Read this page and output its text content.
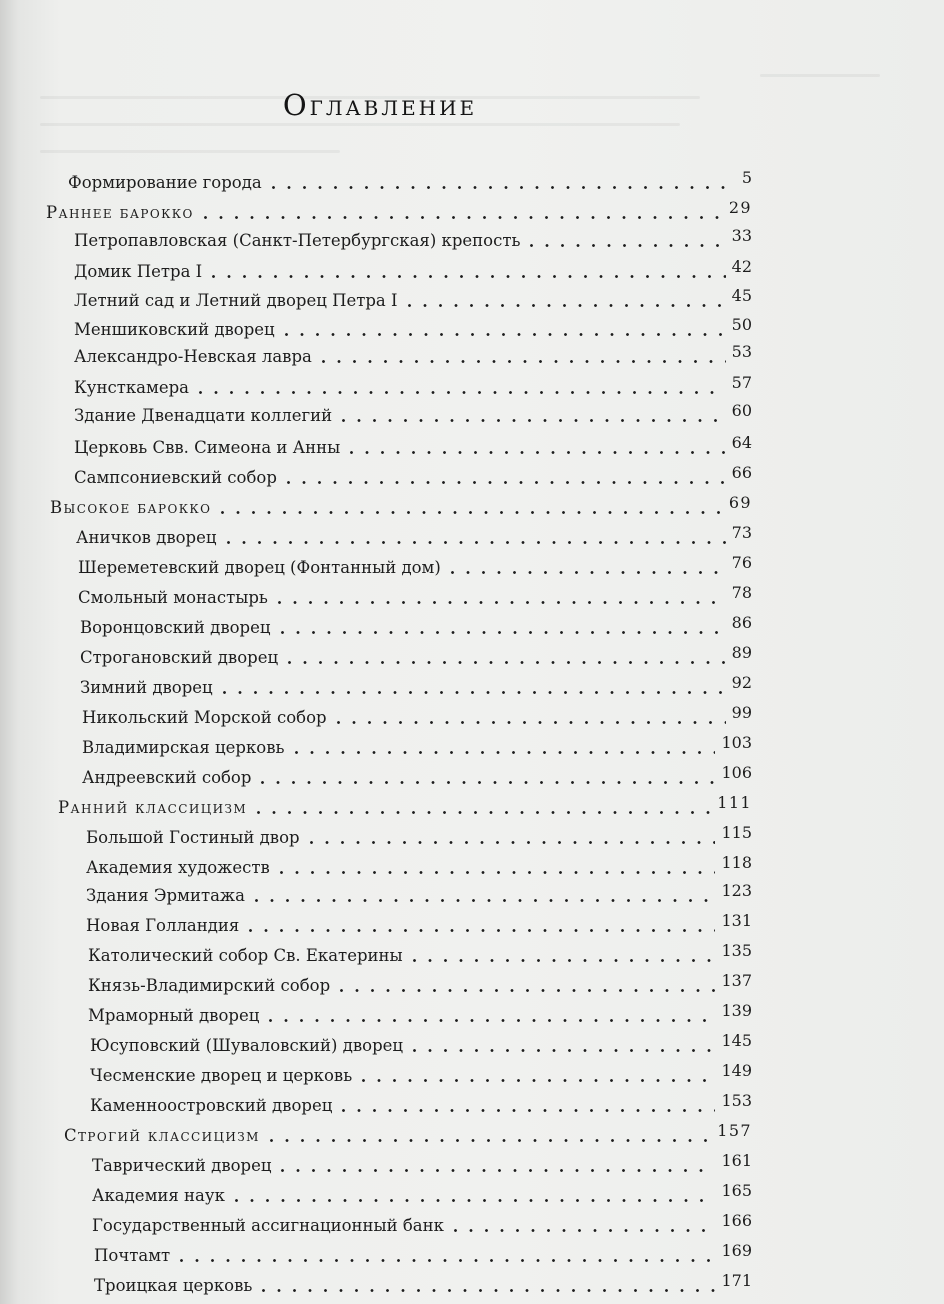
Оглавление
Формирование города	5
Раннее барокко	29
Петропавловская (Санкт-Петербургская) крепость	33
Домик Петра I	42
Летний сад и Летний дворец Петра I	45
Меншиковский дворец	50
Александро-Невская лавра	53
Кунсткамера	57
Здание Двенадцати коллегий	60
Церковь Свв. Симеона и Анны	64
Сампсониевский собор	66
Высокое барокко	69
Аничков дворец	73
Шереметевский дворец (Фонтанный дом)	76
Смольный монастырь	78
Воронцовский дворец	86
Строгановский дворец	89
Зимний дворец	92
Никольский Морской собор	99
Владимирская церковь	103
Андреевский собор	106
Ранний классицизм	111
Большой Гостиный двор	115
Академия художеств	118
Здания Эрмитажа	123
Новая Голландия	131
Католический собор Св. Екатерины	135
Князь-Владимирский собор	137
Мраморный дворец	139
Юсуповский (Шуваловский) дворец	145
Чесменские дворец и церковь	149
Каменноостровский дворец	153
Строгий классицизм	157
Таврический дворец	161
Академия наук	165
Государственный ассигнационный банк	166
Почтамт	169
Троицкая церковь	171
